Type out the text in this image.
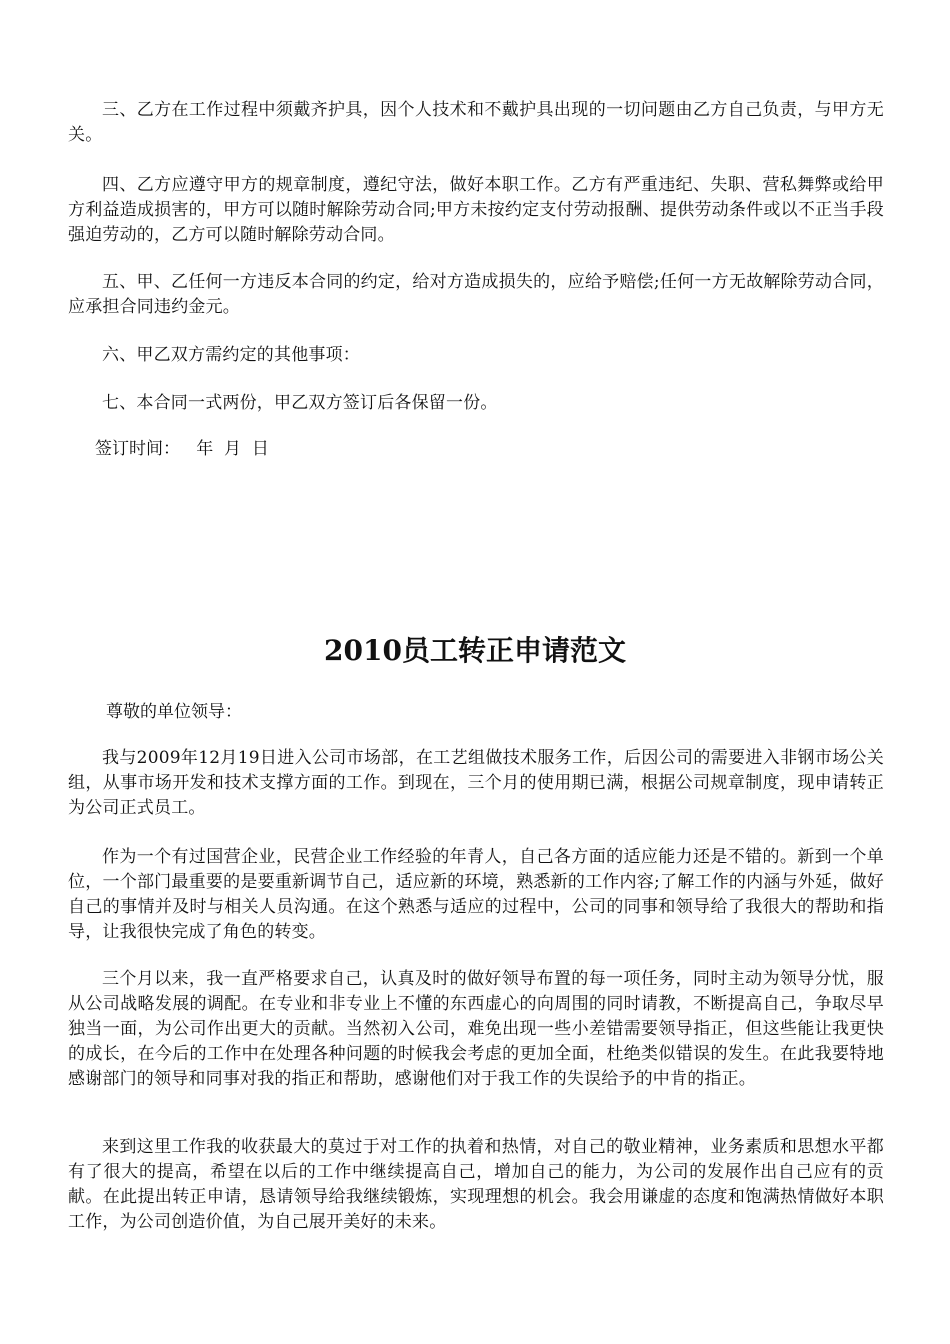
三、乙方在工作过程中须戴齐护具，因个人技术和不戴护具出现的一切问题由乙方自己负责，与甲方无关。

四、乙方应遵守甲方的规章制度，遵纪守法，做好本职工作。乙方有严重违纪、失职、营私舞弊或给甲方利益造成损害的，甲方可以随时解除劳动合同;甲方未按约定支付劳动报酬、提供劳动条件或以不正当手段强迫劳动的，乙方可以随时解除劳动合同。

五、甲、乙任何一方违反本合同的约定，给对方造成损失的，应给予赔偿;任何一方无故解除劳动合同，应承担合同违约金元。

六、甲乙双方需约定的其他事项：

七、本合同一式两份，甲乙双方签订后各保留一份。

签订时间：   年  月  日

2010员工转正申请范文

尊敬的单位领导：

我与2009年12月19日进入公司市场部，在工艺组做技术服务工作，后因公司的需要进入非钢市场公关组，从事市场开发和技术支撑方面的工作。到现在，三个月的使用期已满，根据公司规章制度，现申请转正为公司正式员工。

作为一个有过国营企业，民营企业工作经验的年青人，自己各方面的适应能力还是不错的。新到一个单位，一个部门最重要的是要重新调节自己，适应新的环境，熟悉新的工作内容;了解工作的内涵与外延，做好自己的事情并及时与相关人员沟通。在这个熟悉与适应的过程中，公司的同事和领导给了我很大的帮助和指导，让我很快完成了角色的转变。

三个月以来，我一直严格要求自己，认真及时的做好领导布置的每一项任务，同时主动为领导分忧，服从公司战略发展的调配。在专业和非专业上不懂的东西虚心的向周围的同时请教，不断提高自己，争取尽早独当一面，为公司作出更大的贡献。当然初入公司，难免出现一些小差错需要领导指正，但这些能让我更快的成长，在今后的工作中在处理各种问题的时候我会考虑的更加全面，杜绝类似错误的发生。在此我要特地感谢部门的领导和同事对我的指正和帮助，感谢他们对于我工作的失误给予的中肯的指正。

来到这里工作我的收获最大的莫过于对工作的执着和热情，对自己的敬业精神，业务素质和思想水平都有了很大的提高，希望在以后的工作中继续提高自己，增加自己的能力，为公司的发展作出自己应有的贡献。在此提出转正申请，恳请领导给我继续锻炼，实现理想的机会。我会用谦虚的态度和饱满热情做好本职工作，为公司创造价值，为自己展开美好的未来。
